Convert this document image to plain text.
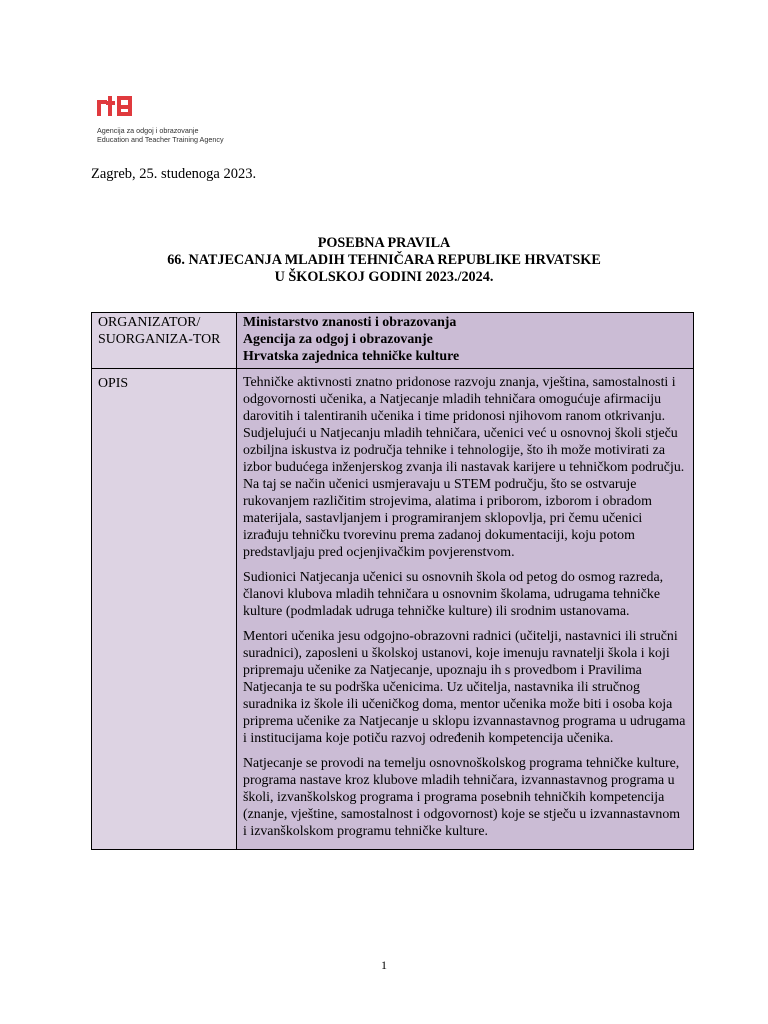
Agencija za odgoj i obrazovanje
Education and Teacher Training Agency
Zagreb, 25. studenoga 2023.
POSEBNA PRAVILA
66. NATJECANJA MLADIH TEHNIČARA REPUBLIKE HRVATSKE
U ŠKOLSKOJ GODINI 2023./2024.
ORGANIZATOR/ SUORGANIZA-TOR	Ministarstvo znanosti i obrazovanja
Agencija za odgoj i obrazovanje
Hrvatska zajednica tehničke kulture

OPIS	Tehničke aktivnosti znatno pridonose razvoju znanja, vještina, samostalnosti i odgovornosti učenika, a Natjecanje mladih tehničara omogućuje afirmaciju darovitih i talentiranih učenika i time pridonosi njihovom ranom otkrivanju. Sudjelujući u Natjecanju mladih tehničara, učenici već u osnovnoj školi stječu ozbiljna iskustva iz područja tehnike i tehnologije, što ih može motivirati za izbor budućega inženjerskog zvanja ili nastavak karijere u tehničkom području. Na taj se način učenici usmjeravaju u STEM području, što se ostvaruje rukovanjem različitim strojevima, alatima i priborom, izborom i obradom materijala, sastavljanjem i programiranjem sklopovlja, pri čemu učenici izrađuju tehničku tvorevinu prema zadanoj dokumentaciji, koju potom predstavljaju pred ocjenjivačkim povjerenstvom.

Sudionici Natjecanja učenici su osnovnih škola od petog do osmog razreda, članovi klubova mladih tehničara u osnovnim školama, udrugama tehničke kulture (podmladak udruga tehničke kulture) ili srodnim ustanovama.

Mentori učenika jesu odgojno-obrazovni radnici (učitelji, nastavnici ili stručni suradnici), zaposleni u školskoj ustanovi, koje imenuju ravnatelji škola i koji pripremaju učenike za Natjecanje, upoznaju ih s provedbom i Pravilima Natjecanja te su podrška učenicima. Uz učitelja, nastavnika ili stručnog suradnika iz škole ili učeničkog doma, mentor učenika može biti i osoba koja priprema učenike za Natjecanje u sklopu izvannastavnog programa u udrugama i institucijama koje potiču razvoj određenih kompetencija učenika.

Natjecanje se provodi na temelju osnovnoškolskog programa tehničke kulture, programa nastave kroz klubove mladih tehničara, izvannastavnog programa u školi, izvanškolskog programa i programa posebnih tehničkih kompetencija (znanje, vještine, samostalnost i odgovornost) koje se stječu u izvannastavnom i izvanškolskom programu tehničke kulture.

1
